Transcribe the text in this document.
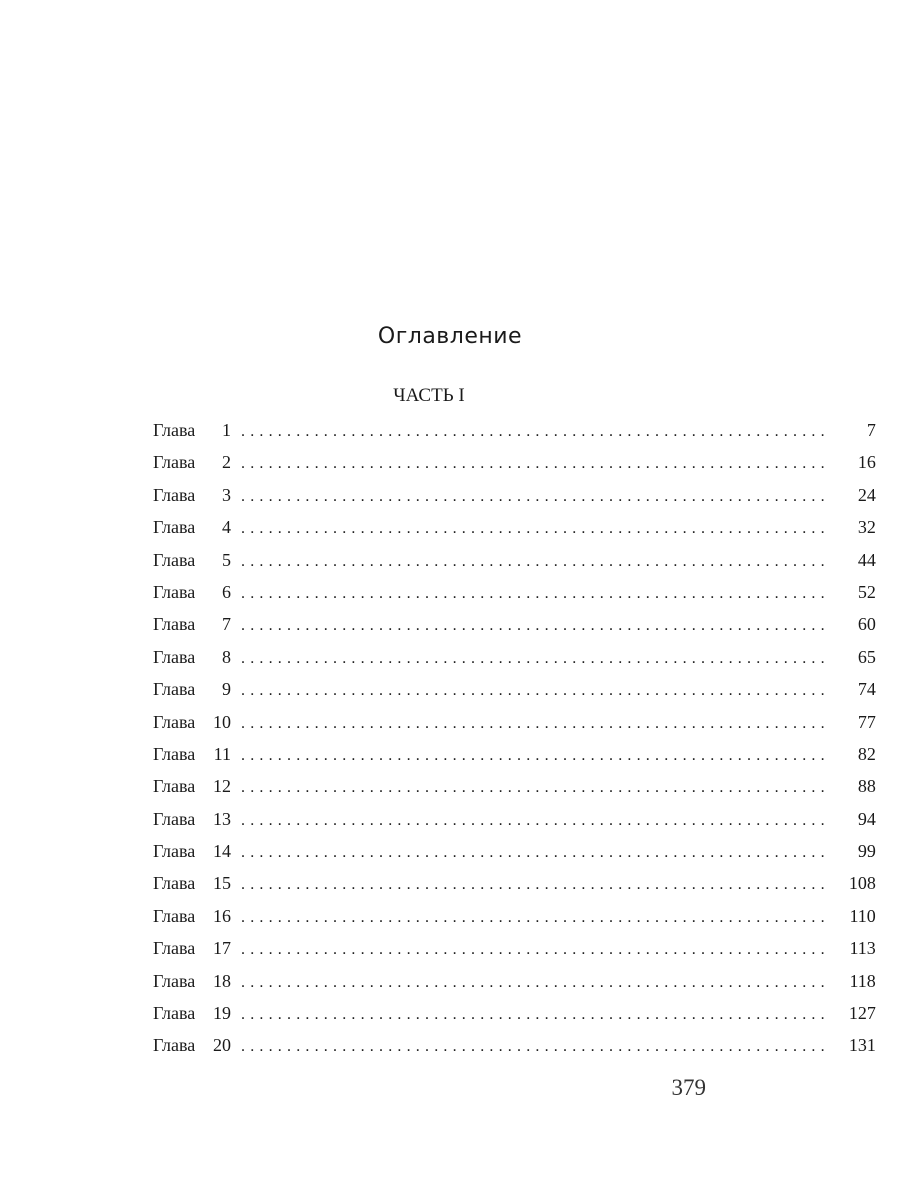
Оглавление
ЧАСТЬ I
Глава	1 ................................................................	7
Глава	2 ................................................................	16
Глава	3 ................................................................	24
Глава	4 ................................................................	32
Глава	5 ................................................................	44
Глава	6 ................................................................	52
Глава	7 ................................................................	60
Глава	8 ................................................................	65
Глава	9 ................................................................	74
Глава 10 ................................................................	77
Глава	11 ................................................................	82
Глава 12 ................................................................	88
Глава 13 ................................................................	94
Глава 14 ................................................................	99
Глава 15 ................................................................	108
Глава 16 ................................................................	110
Глава 17 ................................................................	113
Глава 18 ................................................................	118
Глава 19 ................................................................	127
Глава 20 ................................................................	131
379
